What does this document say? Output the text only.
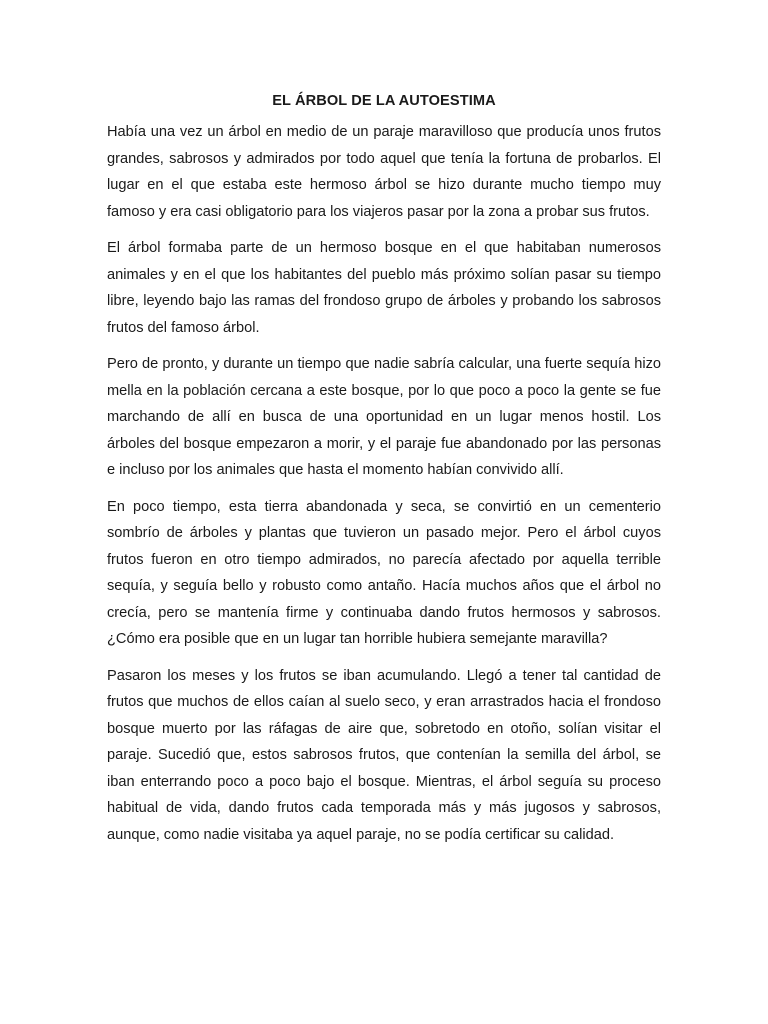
EL ÁRBOL DE LA AUTOESTIMA

Había una vez un árbol en medio de un paraje maravilloso que producía unos frutos grandes, sabrosos y admirados por todo aquel que tenía la fortuna de probarlos. El lugar en el que estaba este hermoso árbol se hizo durante mucho tiempo muy famoso y era casi obligatorio para los viajeros pasar por la zona a probar sus frutos.

El árbol formaba parte de un hermoso bosque en el que habitaban numerosos animales y en el que los habitantes del pueblo más próximo solían pasar su tiempo libre, leyendo bajo las ramas del frondoso grupo de árboles y probando los sabrosos frutos del famoso árbol.

Pero de pronto, y durante un tiempo que nadie sabría calcular, una fuerte sequía hizo mella en la población cercana a este bosque, por lo que poco a poco la gente se fue marchando de allí en busca de una oportunidad en un lugar menos hostil. Los árboles del bosque empezaron a morir, y el paraje fue abandonado por las personas e incluso por los animales que hasta el momento habían convivido allí.

En poco tiempo, esta tierra abandonada y seca, se convirtió en un cementerio sombrío de árboles y plantas que tuvieron un pasado mejor. Pero el árbol cuyos frutos fueron en otro tiempo admirados, no parecía afectado por aquella terrible sequía, y seguía bello y robusto como antaño. Hacía muchos años que el árbol no crecía, pero se mantenía firme y continuaba dando frutos hermosos y sabrosos. ¿Cómo era posible que en un lugar tan horrible hubiera semejante maravilla?

Pasaron los meses y los frutos se iban acumulando. Llegó a tener tal cantidad de frutos que muchos de ellos caían al suelo seco, y eran arrastrados hacia el frondoso bosque muerto por las ráfagas de aire que, sobretodo en otoño, solían visitar el paraje. Sucedió que, estos sabrosos frutos, que contenían la semilla del árbol, se iban enterrando poco a poco bajo el bosque. Mientras, el árbol seguía su proceso habitual de vida, dando frutos cada temporada más y más jugosos y sabrosos, aunque, como nadie visitaba ya aquel paraje, no se podía certificar su calidad.
